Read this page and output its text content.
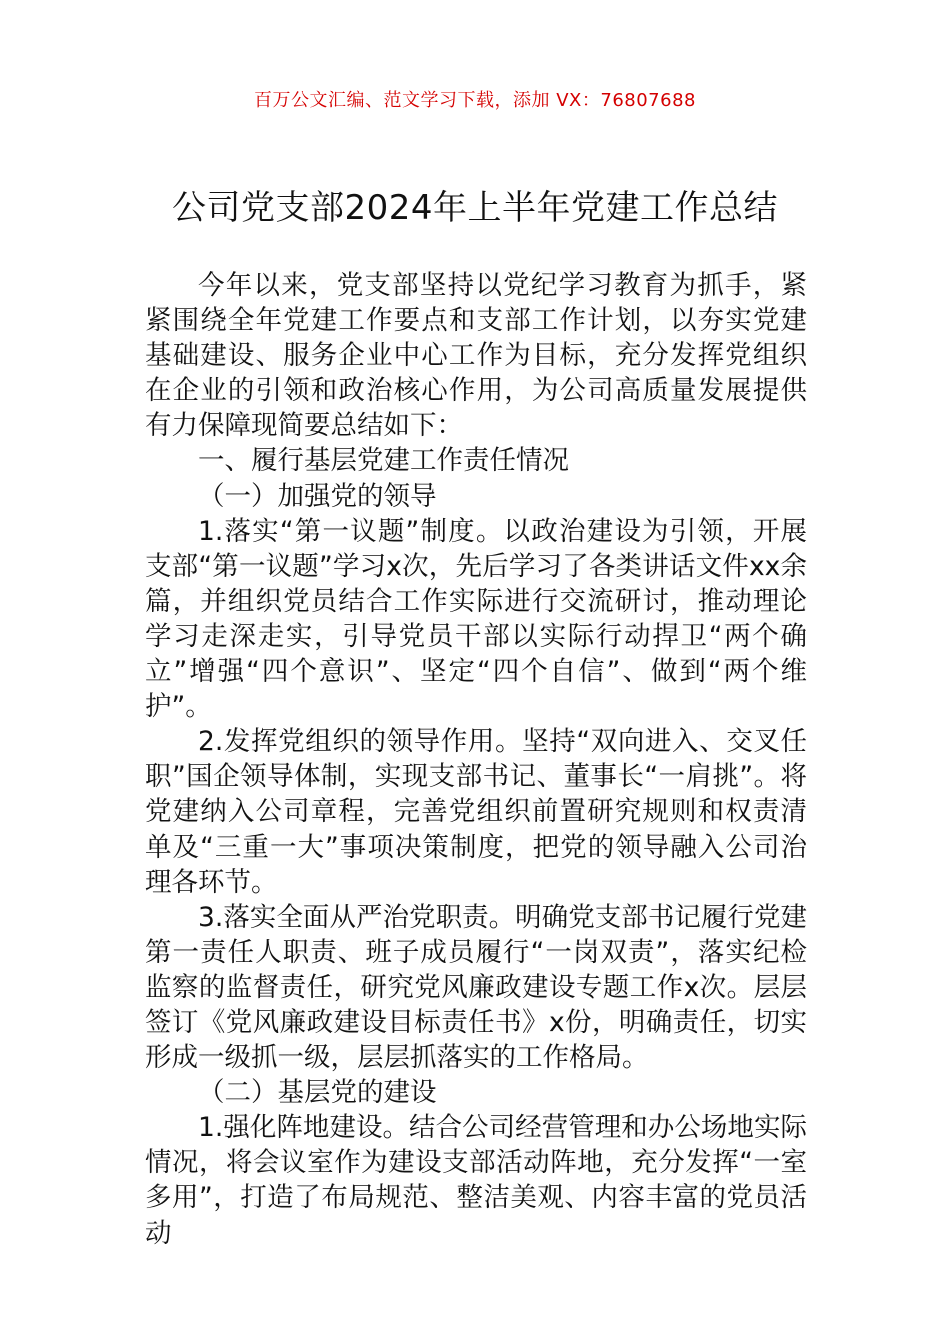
百万公文汇编、范文学习下载，添加 VX：76807688
公司党支部2024年上半年党建工作总结

今年以来，党支部坚持以党纪学习教育为抓手，紧紧围绕全年党建工作要点和支部工作计划，以夯实党建基础建设、服务企业中心工作为目标，充分发挥党组织在企业的引领和政治核心作用，为公司高质量发展提供有力保障现简要总结如下：

一、履行基层党建工作责任情况

（一）加强党的领导

1.落实“第一议题”制度。以政治建设为引领，开展支部“第一议题”学习x次，先后学习了各类讲话文件xx余篇，并组织党员结合工作实际进行交流研讨，推动理论学习走深走实，引导党员干部以实际行动捍卫“两个确立”增强“四个意识”、坚定“四个自信”、做到“两个维护”。

2.发挥党组织的领导作用。坚持“双向进入、交叉任职”国企领导体制，实现支部书记、董事长“一肩挑”。将党建纳入公司章程，完善党组织前置研究规则和权责清单及“三重一大”事项决策制度，把党的领导融入公司治理各环节。

3.落实全面从严治党职责。明确党支部书记履行党建第一责任人职责、班子成员履行“一岗双责”，落实纪检监察的监督责任，研究党风廉政建设专题工作x次。层层签订《党风廉政建设目标责任书》x份，明确责任，切实形成一级抓一级，层层抓落实的工作格局。

（二）基层党的建设

1.强化阵地建设。结合公司经营管理和办公场地实际情况，将会议室作为建设支部活动阵地，充分发挥“一室多用”，打造了布局规范、整洁美观、内容丰富的党员活动
